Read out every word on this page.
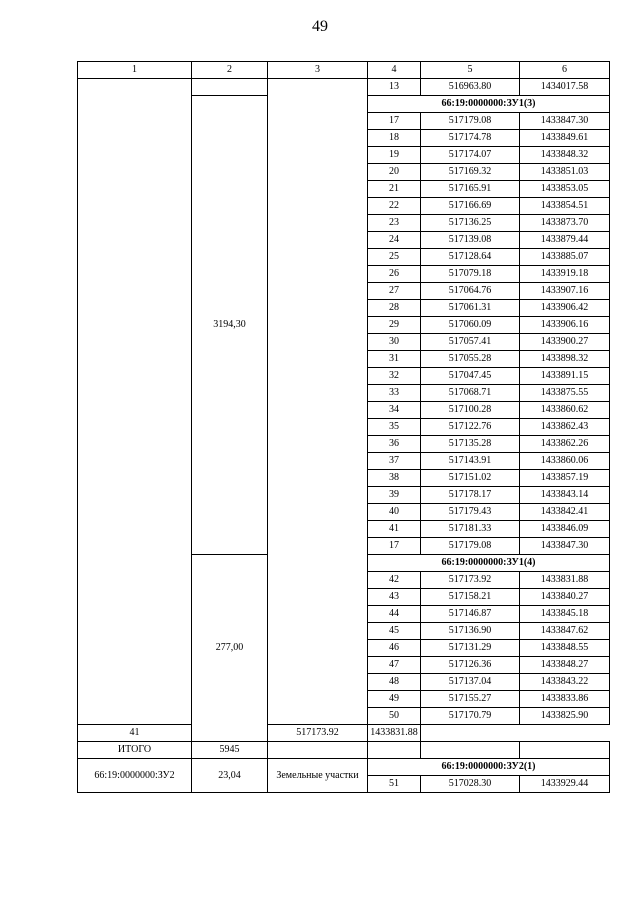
49
1	2	3	4	5	6
			13	516963.80	1434017.58
	3194,30		66:19:0000000:ЗУ1(3)		
			17	517179.08	1433847.30
			18	517174.78	1433849.61
			19	517174.07	1433848.32
			20	517169.32	1433851.03
			21	517165.91	1433853.05
			22	517166.69	1433854.51
			23	517136.25	1433873.70
			24	517139.08	1433879.44
			25	517128.64	1433885.07
			26	517079.18	1433919.18
			27	517064.76	1433907.16
			28	517061.31	1433906.42
			29	517060.09	1433906.16
			30	517057.41	1433900.27
			31	517055.28	1433898.32
			32	517047.45	1433891.15
			33	517068.71	1433875.55
			34	517100.28	1433860.62
			35	517122.76	1433862.43
			36	517135.28	1433862.26
			37	517143.91	1433860.06
			38	517151.02	1433857.19
			39	517178.17	1433843.14
			40	517179.43	1433842.41
			41	517181.33	1433846.09
			17	517179.08	1433847.30
	277,00		66:19:0000000:ЗУ1(4)		
			42	517173.92	1433831.88
			43	517158.21	1433840.27
			44	517146.87	1433845.18
			45	517136.90	1433847.62
			46	517131.29	1433848.55
			47	517126.36	1433848.27
			48	517137.04	1433843.22
			49	517155.27	1433833.86
			50	517170.79	1433825.90
41		517173.92	1433831.88		
ИТОГО	5945				
66:19:0000000:ЗУ2	23,04	Земельные участки	66:19:0000000:ЗУ2(1)		
			51	517028.30	1433929.44
